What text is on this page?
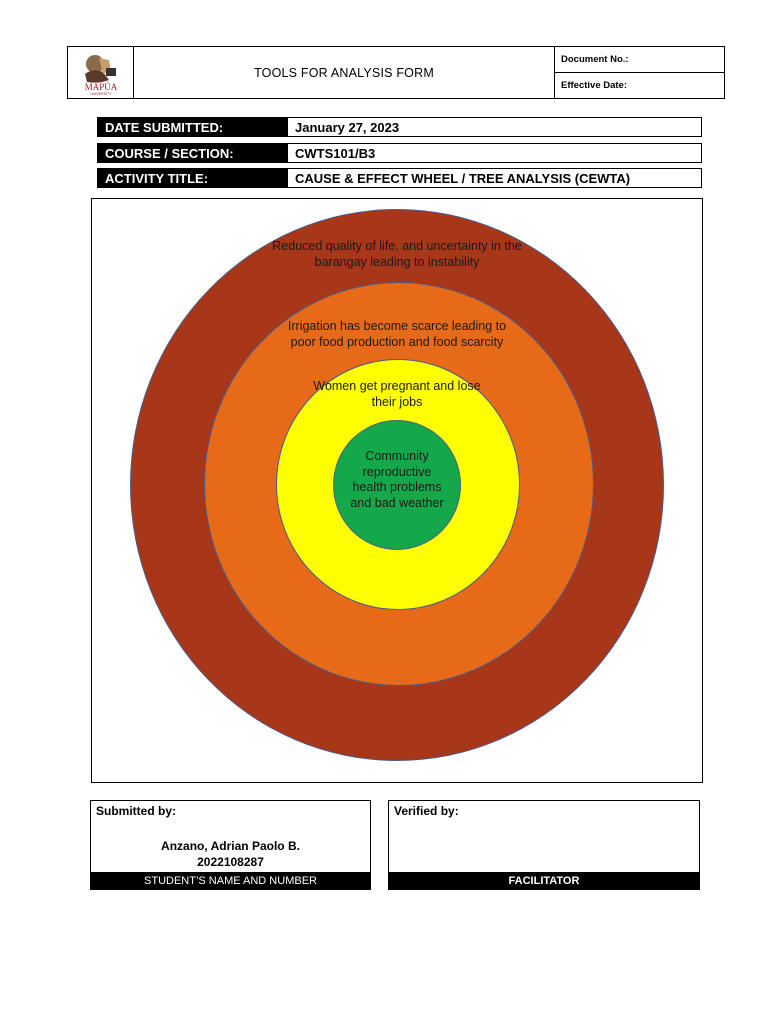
MAPÚA
UNIVERSITY
TOOLS FOR ANALYSIS FORM
Document No.:
Effective Date:
DATE SUBMITTED:	January 27, 2023
COURSE / SECTION:	CWTS101/B3
ACTIVITY TITLE:	CAUSE & EFFECT WHEEL / TREE ANALYSIS (CEWTA)
Reduced quality of life, and uncertainty in the barangay leading to instability
Irrigation has become scarce leading to poor food production and food scarcity
Women get pregnant and lose their jobs
Community reproductive health problems and bad weather
Submitted by:
Anzano, Adrian Paolo B.
2022108287
STUDENT’S NAME AND NUMBER
Verified by:
FACILITATOR
